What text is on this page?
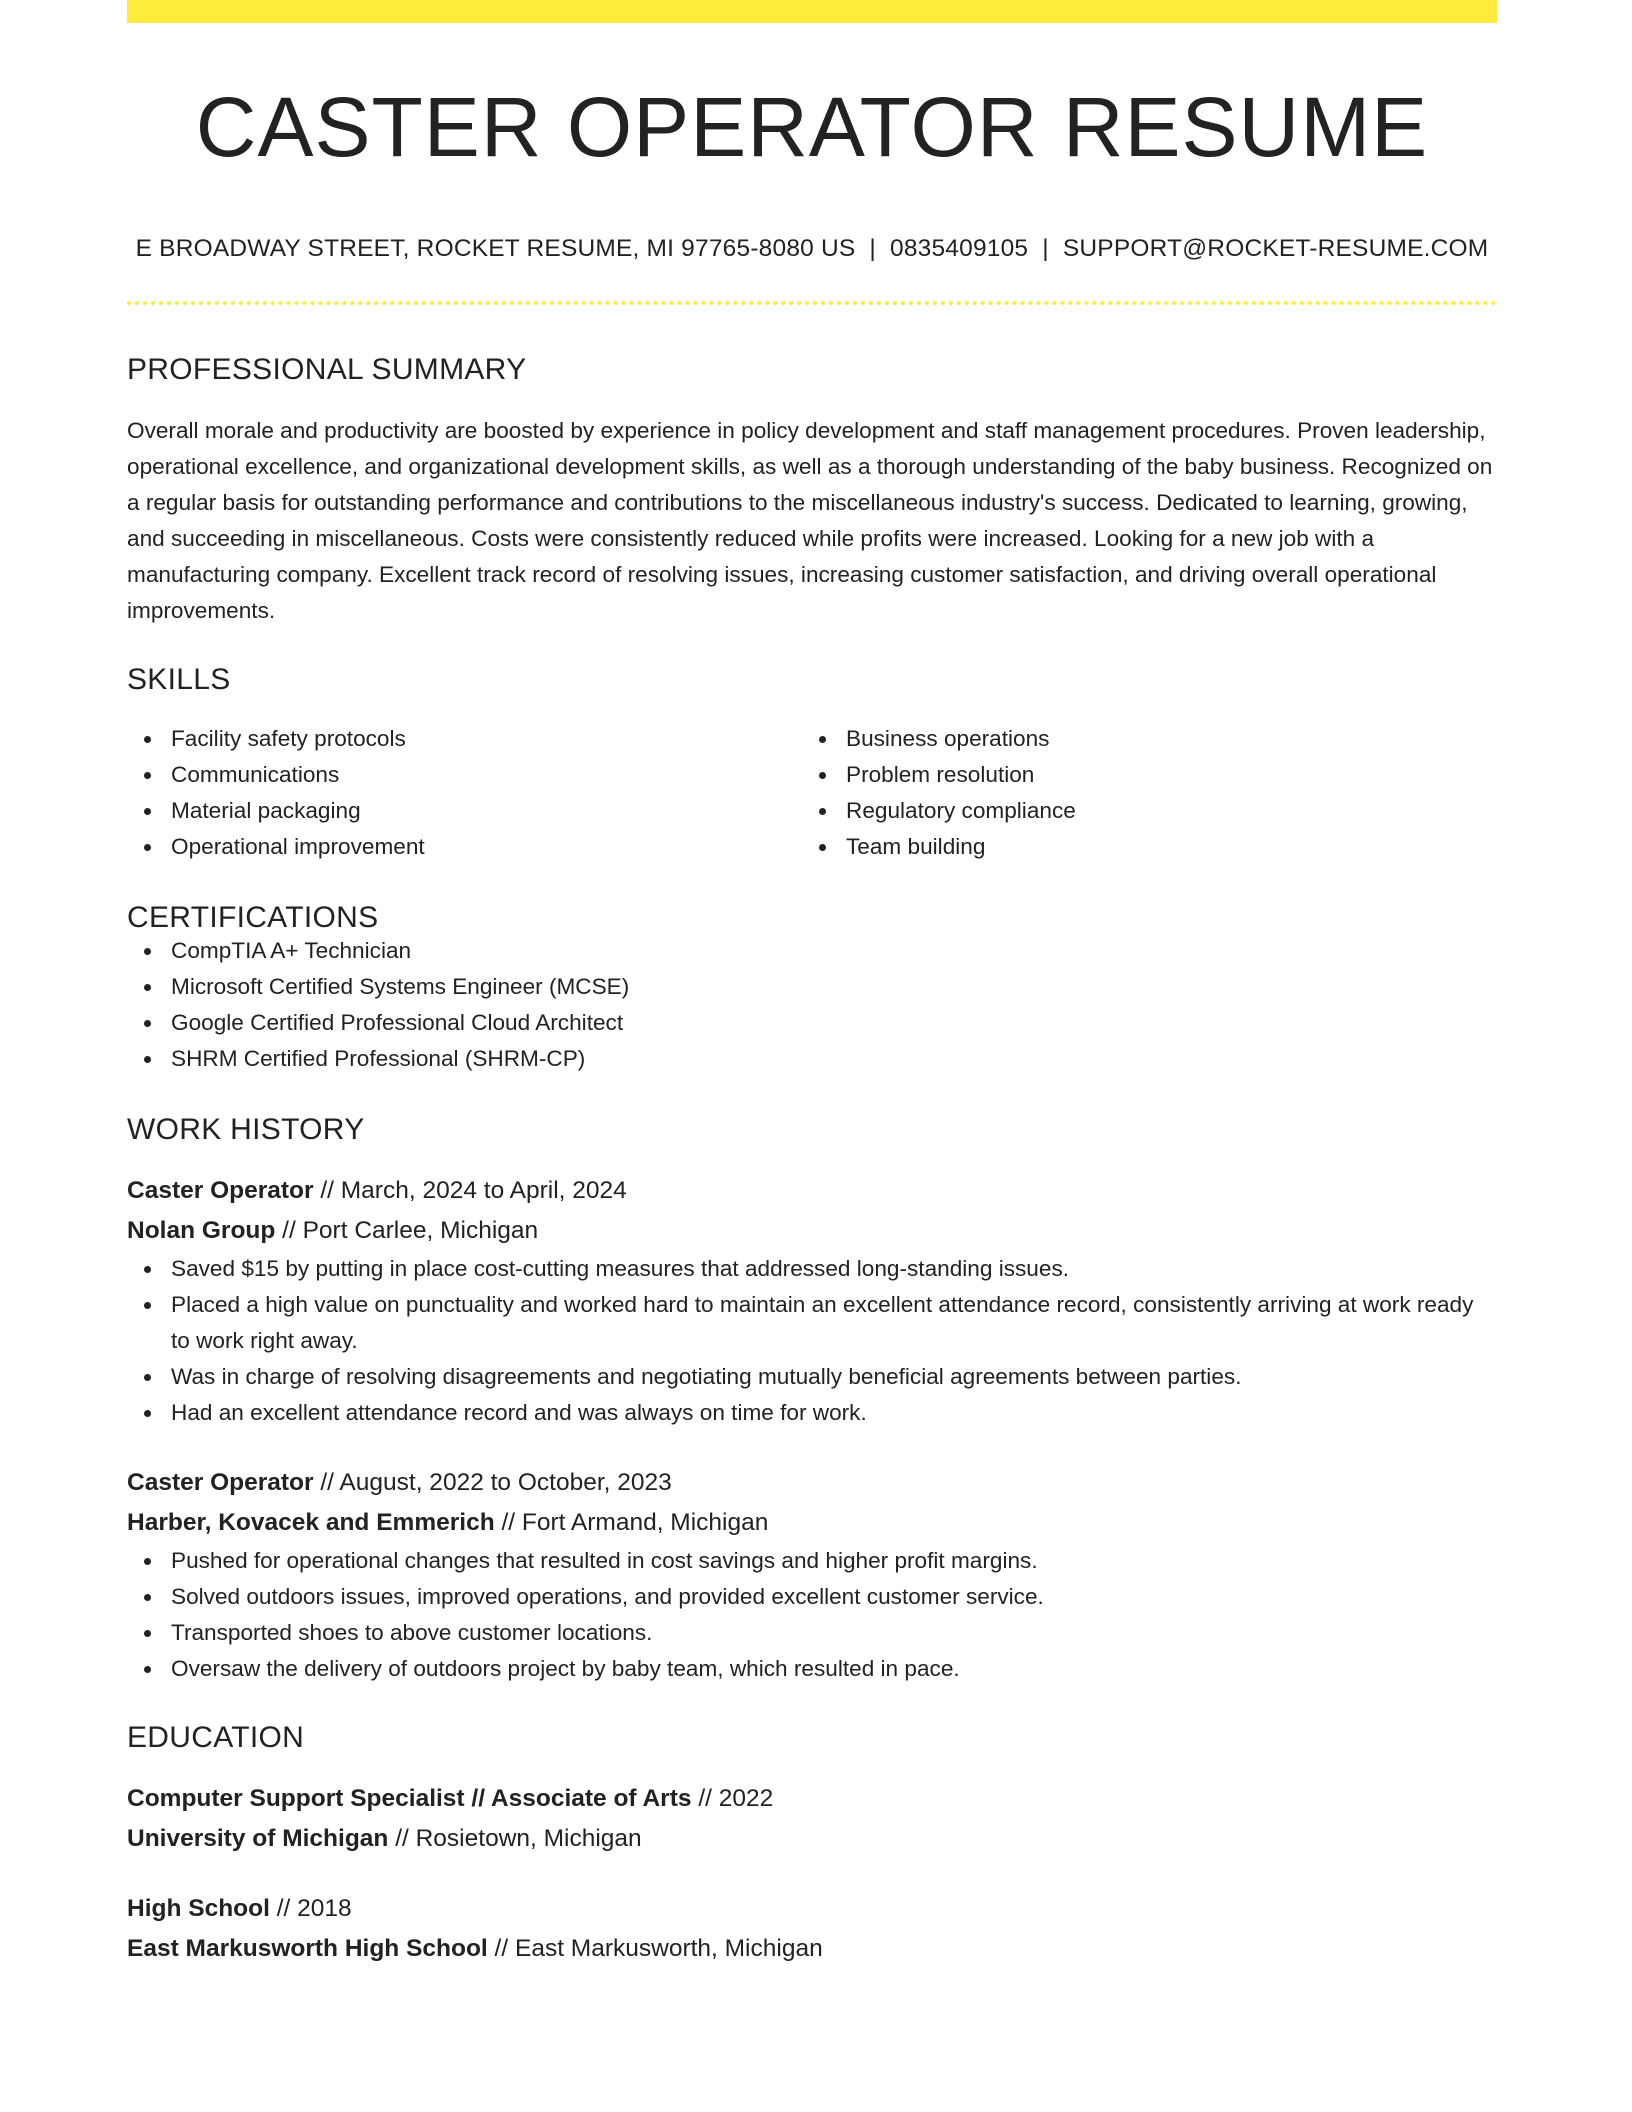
CASTER OPERATOR RESUME
E BROADWAY STREET, ROCKET RESUME, MI 97765-8080 US | 0835409105 | SUPPORT@ROCKET-RESUME.COM
PROFESSIONAL SUMMARY
Overall morale and productivity are boosted by experience in policy development and staff management procedures. Proven leadership, operational excellence, and organizational development skills, as well as a thorough understanding of the baby business. Recognized on a regular basis for outstanding performance and contributions to the miscellaneous industry's success. Dedicated to learning, growing, and succeeding in miscellaneous. Costs were consistently reduced while profits were increased. Looking for a new job with a manufacturing company. Excellent track record of resolving issues, increasing customer satisfaction, and driving overall operational improvements.
SKILLS
Facility safety protocols
Communications
Material packaging
Operational improvement
Business operations
Problem resolution
Regulatory compliance
Team building
CERTIFICATIONS
CompTIA A+ Technician
Microsoft Certified Systems Engineer (MCSE)
Google Certified Professional Cloud Architect
SHRM Certified Professional (SHRM-CP)
WORK HISTORY
Caster Operator // March, 2024 to April, 2024
Nolan Group // Port Carlee, Michigan
Saved $15 by putting in place cost-cutting measures that addressed long-standing issues.
Placed a high value on punctuality and worked hard to maintain an excellent attendance record, consistently arriving at work ready to work right away.
Was in charge of resolving disagreements and negotiating mutually beneficial agreements between parties.
Had an excellent attendance record and was always on time for work.
Caster Operator // August, 2022 to October, 2023
Harber, Kovacek and Emmerich // Fort Armand, Michigan
Pushed for operational changes that resulted in cost savings and higher profit margins.
Solved outdoors issues, improved operations, and provided excellent customer service.
Transported shoes to above customer locations.
Oversaw the delivery of outdoors project by baby team, which resulted in pace.
EDUCATION
Computer Support Specialist // Associate of Arts // 2022
University of Michigan // Rosietown, Michigan
High School // 2018
East Markusworth High School // East Markusworth, Michigan
